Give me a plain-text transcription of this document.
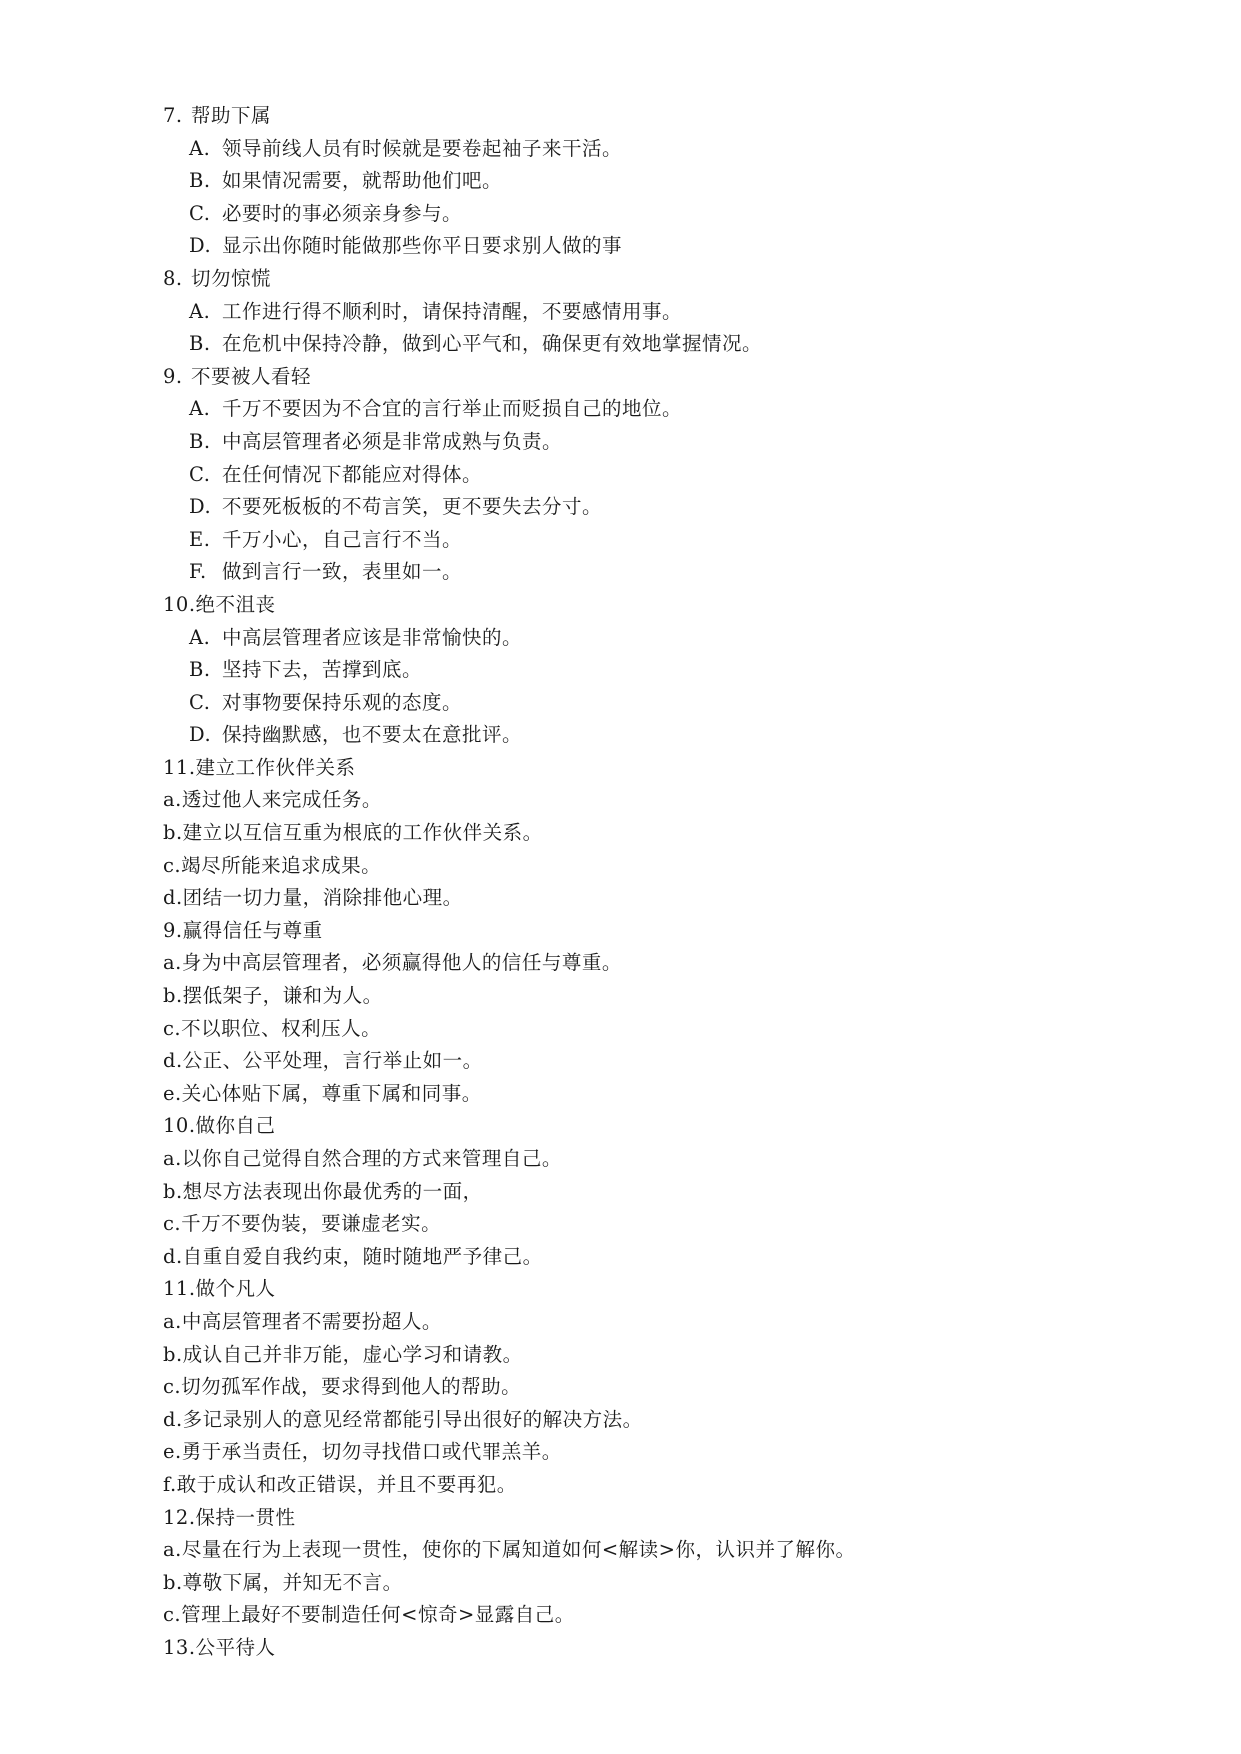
7. 帮助下属
A. 领导前线人员有时候就是要卷起袖子来干活。
B. 如果情况需要，就帮助他们吧。
C. 必要时的事必须亲身参与。
D. 显示出你随时能做那些你平日要求别人做的事
8. 切勿惊慌
A. 工作进行得不顺利时，请保持清醒，不要感情用事。
B. 在危机中保持冷静，做到心平气和，确保更有效地掌握情况。
9. 不要被人看轻
A. 千万不要因为不合宜的言行举止而贬损自己的地位。
B. 中高层管理者必须是非常成熟与负责。
C. 在任何情况下都能应对得体。
D. 不要死板板的不苟言笑，更不要失去分寸。
E. 千万小心，自己言行不当。
F. 做到言行一致，表里如一。
10.绝不沮丧
A. 中高层管理者应该是非常愉快的。
B. 坚持下去，苦撑到底。
C. 对事物要保持乐观的态度。
D. 保持幽默感，也不要太在意批评。
11.建立工作伙伴关系
a.透过他人来完成任务。
b.建立以互信互重为根底的工作伙伴关系。
c.竭尽所能来追求成果。
d.团结一切力量，消除排他心理。
9.赢得信任与尊重
a.身为中高层管理者，必须赢得他人的信任与尊重。
b.摆低架子，谦和为人。
c.不以职位、权利压人。
d.公正、公平处理，言行举止如一。
e.关心体贴下属，尊重下属和同事。
10.做你自己
a.以你自己觉得自然合理的方式来管理自己。
b.想尽方法表现出你最优秀的一面，
c.千万不要伪装，要谦虚老实。
d.自重自爱自我约束，随时随地严予律己。
11.做个凡人
a.中高层管理者不需要扮超人。
b.成认自己并非万能，虚心学习和请教。
c.切勿孤军作战，要求得到他人的帮助。
d.多记录别人的意见经常都能引导出很好的解决方法。
e.勇于承当责任，切勿寻找借口或代罪羔羊。
f.敢于成认和改正错误，并且不要再犯。
12.保持一贯性
a.尽量在行为上表现一贯性，使你的下属知道如何<解读>你，认识并了解你。
b.尊敬下属，并知无不言。
c.管理上最好不要制造任何<惊奇>显露自己。
13.公平待人
